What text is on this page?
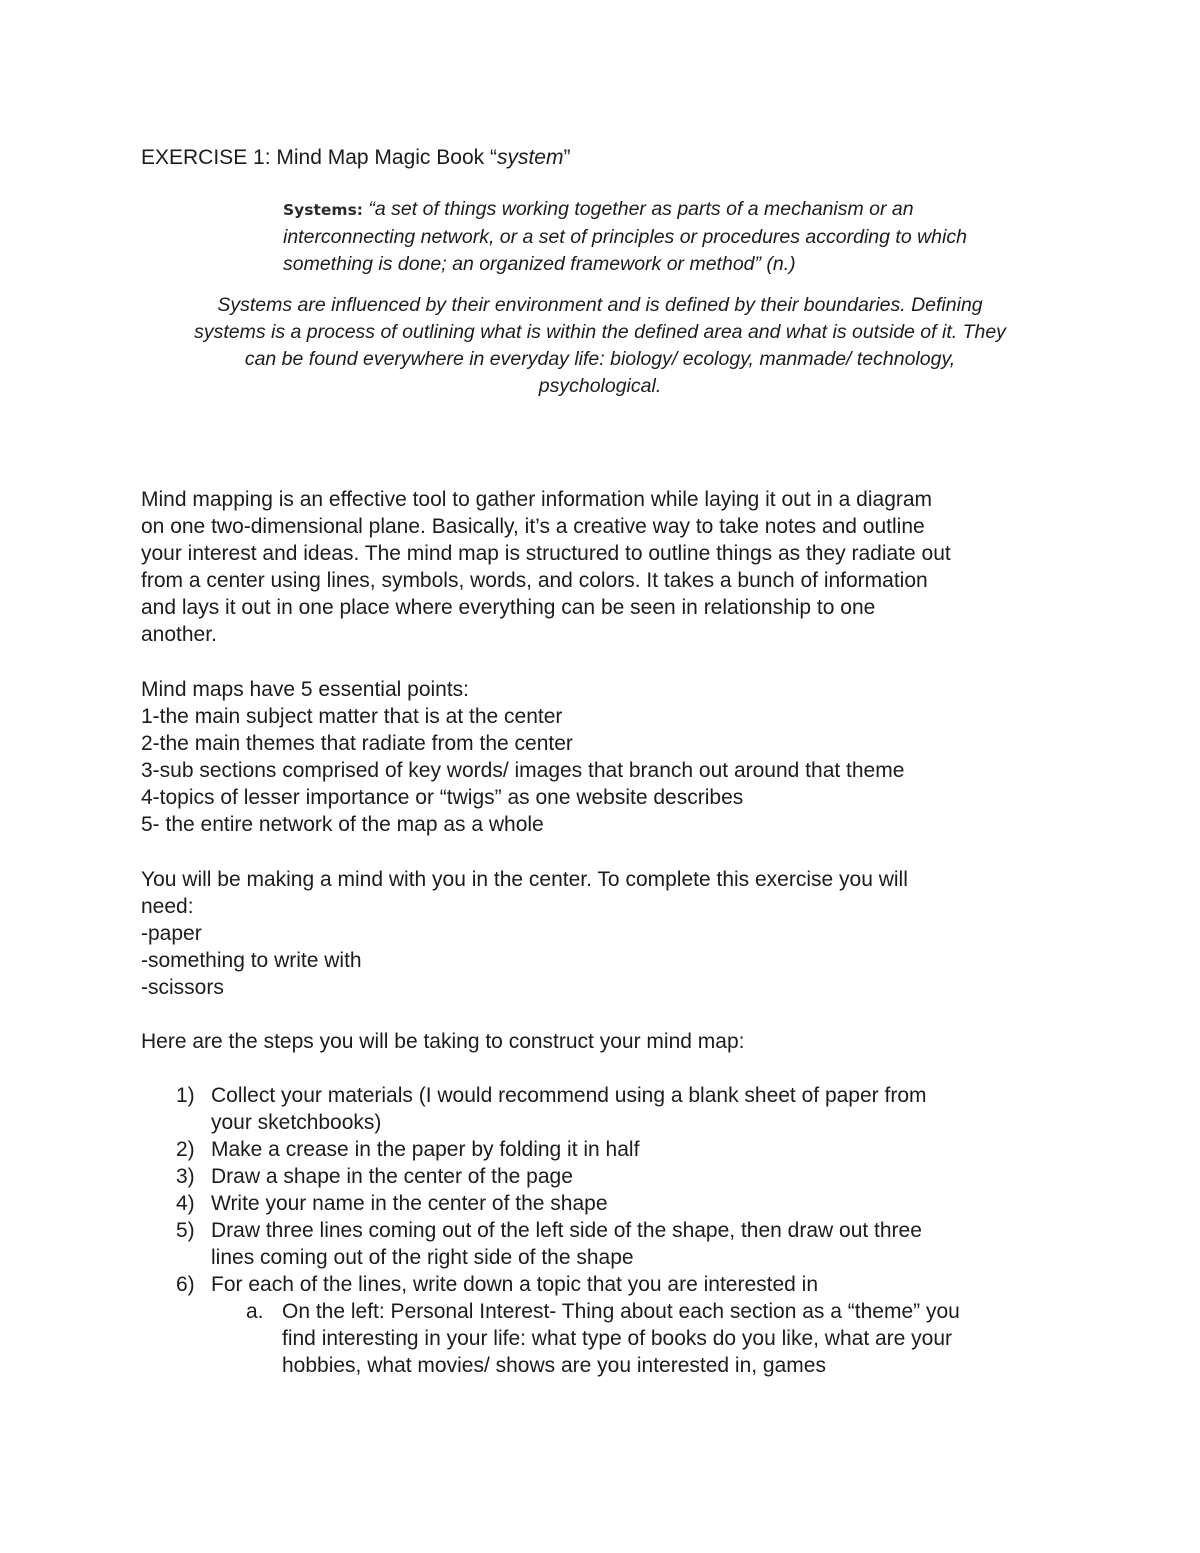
EXERCISE 1: Mind Map Magic Book “system”
Systems: “a set of things working together as parts of a mechanism or an
interconnecting network, or a set of principles or procedures according to which
something is done; an organized framework or method” (n.)
Systems are influenced by their environment and is defined by their boundaries. Defining
systems is a process of outlining what is within the defined area and what is outside of it. They
can be found everywhere in everyday life: biology/ ecology, manmade/ technology,
psychological.
Mind mapping is an effective tool to gather information while laying it out in a diagram
on one two-dimensional plane. Basically, it’s a creative way to take notes and outline
your interest and ideas. The mind map is structured to outline things as they radiate out
from a center using lines, symbols, words, and colors. It takes a bunch of information
and lays it out in one place where everything can be seen in relationship to one
another.
Mind maps have 5 essential points:
1-the main subject matter that is at the center
2-the main themes that radiate from the center
3-sub sections comprised of key words/ images that branch out around that theme
4-topics of lesser importance or “twigs” as one website describes
5- the entire network of the map as a whole
You will be making a mind with you in the center. To complete this exercise you will
need:
-paper
-something to write with
-scissors
Here are the steps you will be taking to construct your mind map:
1) Collect your materials (I would recommend using a blank sheet of paper from
your sketchbooks)
2) Make a crease in the paper by folding it in half
3) Draw a shape in the center of the page
4) Write your name in the center of the shape
5) Draw three lines coming out of the left side of the shape, then draw out three
lines coming out of the right side of the shape
6) For each of the lines, write down a topic that you are interested in
a. On the left: Personal Interest- Thing about each section as a “theme” you
find interesting in your life: what type of books do you like, what are your
hobbies, what movies/ shows are you interested in, games
